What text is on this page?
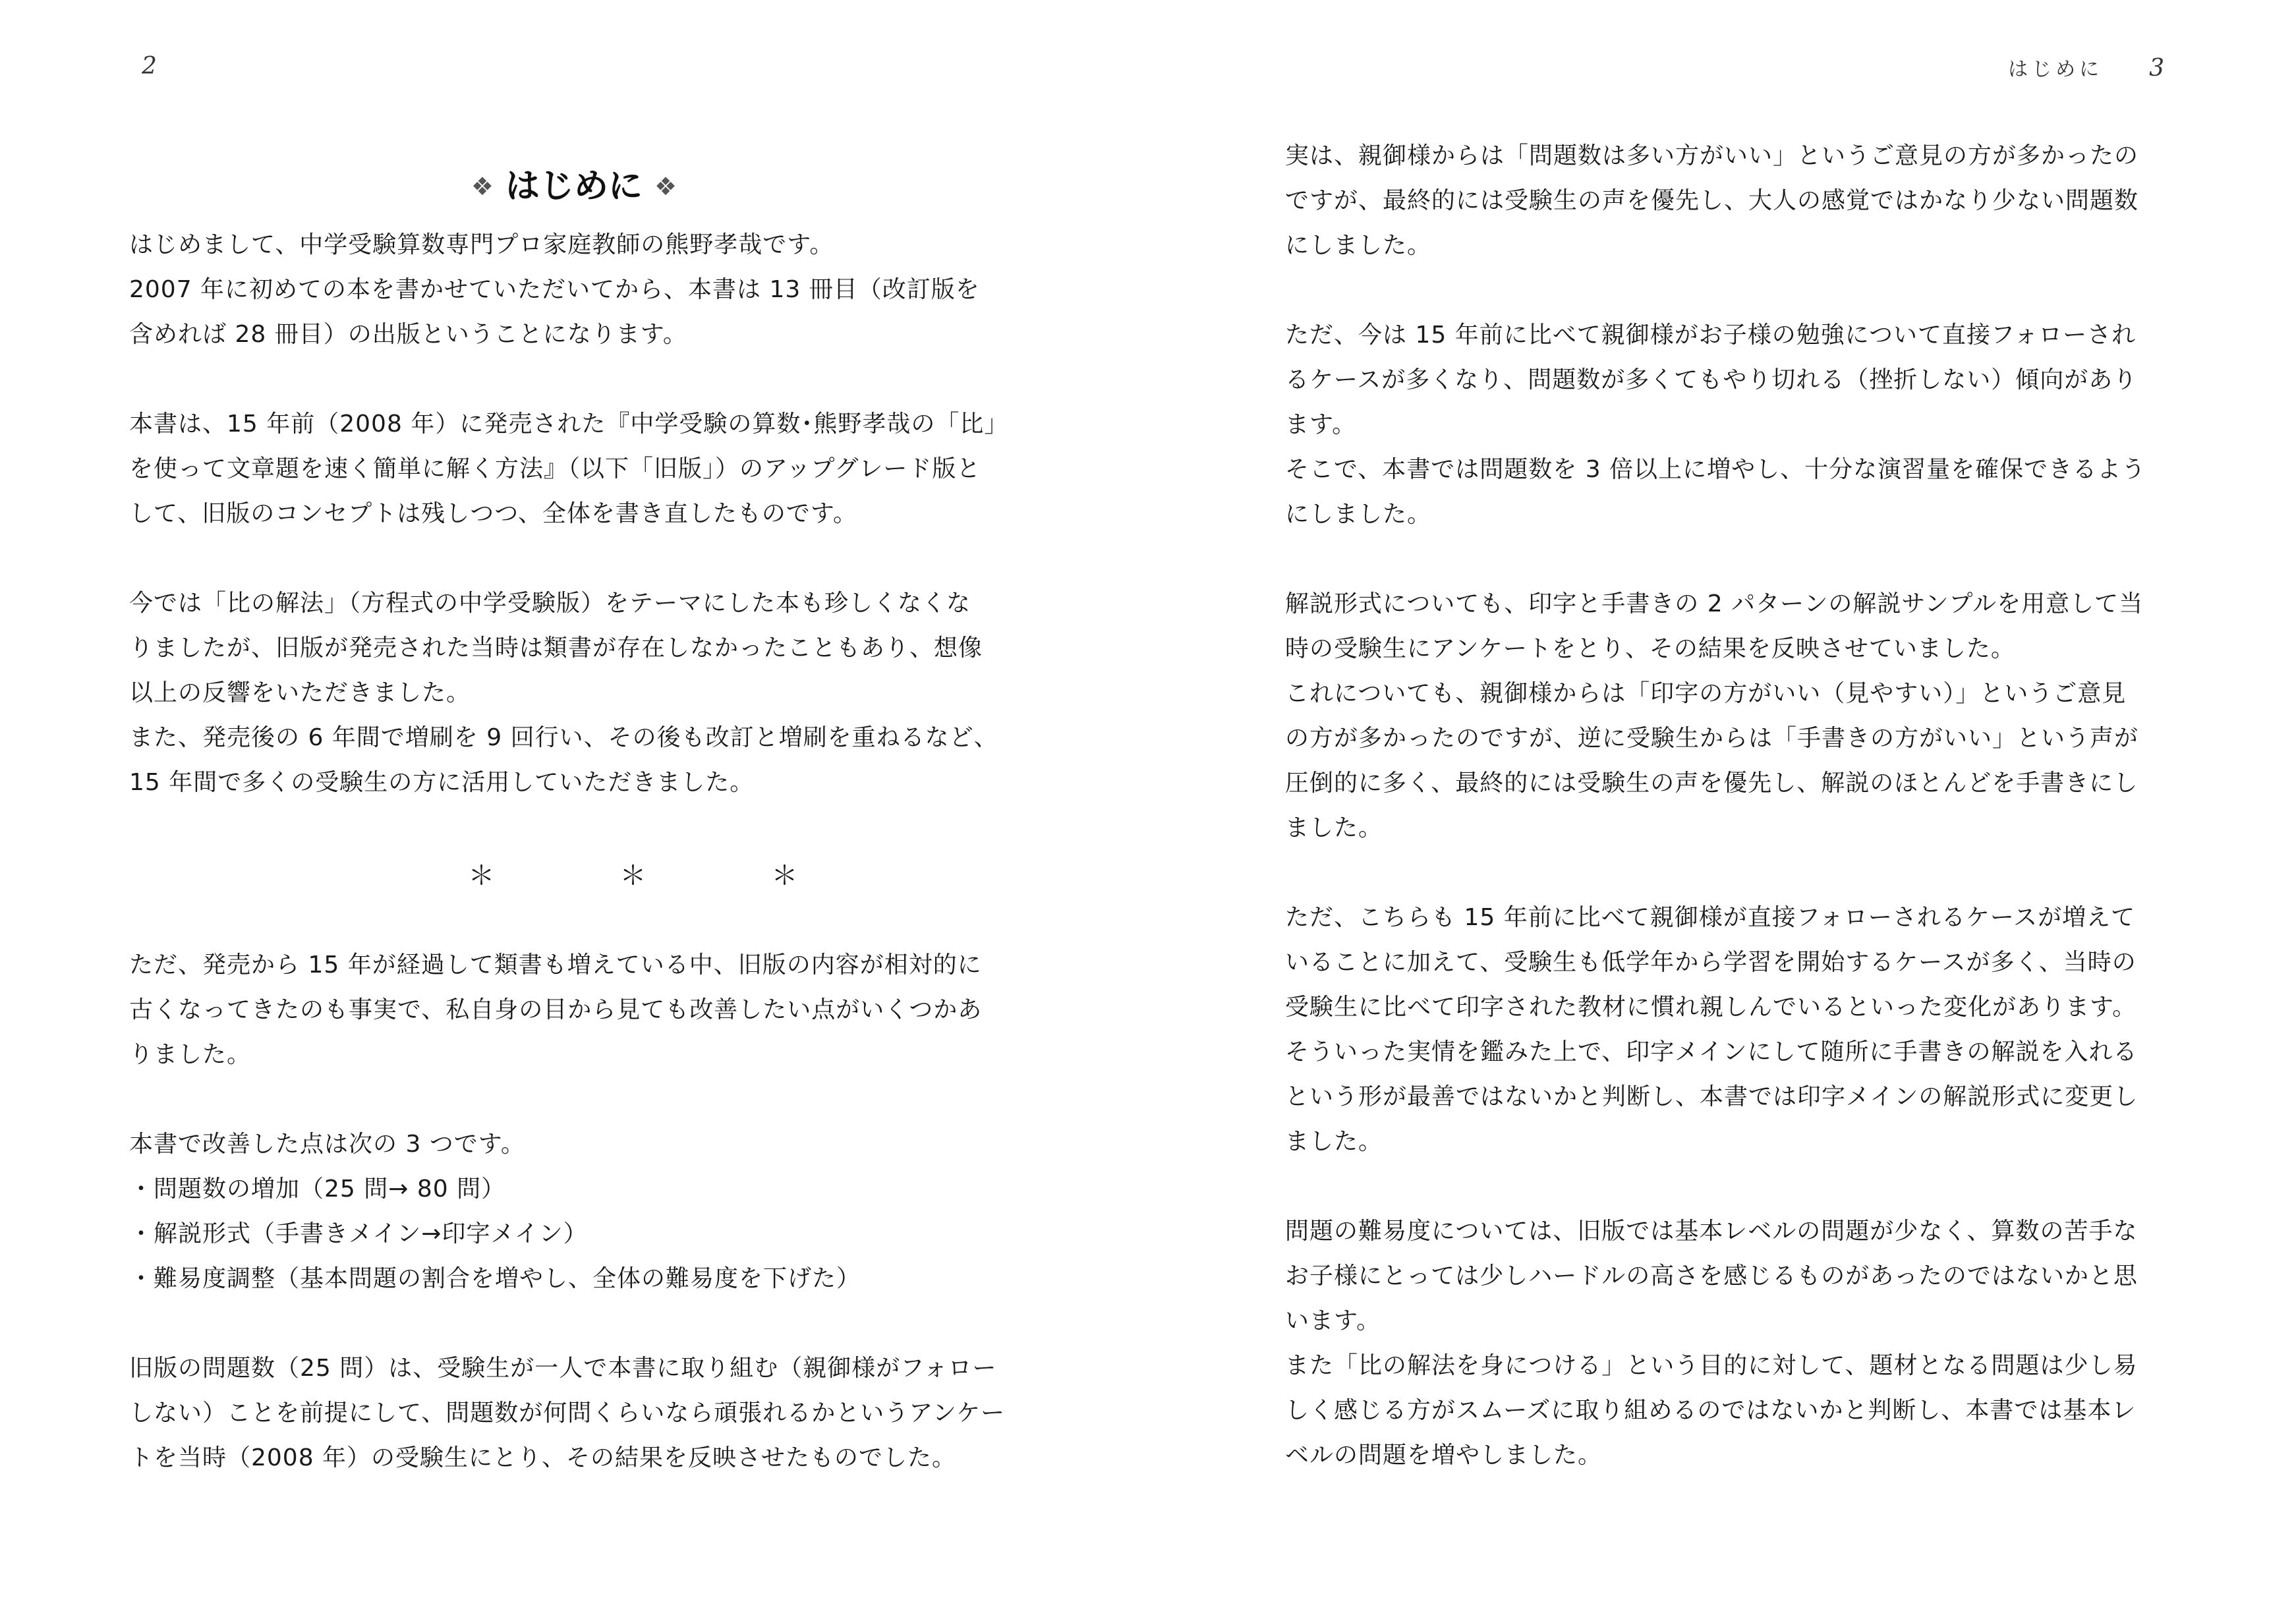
2

❖ はじめに ❖
はじめまして、中学受験算数専門プロ家庭教師の熊野孝哉です。
2007 年に初めての本を書かせていただいてから、本書は 13 冊目（改訂版を
含めれば 28 冊目）の出版ということになります。
本書は、15 年前（2008 年）に発売された『中学受験の算数･熊野孝哉の「比」
を使って文章題を速く簡単に解く方法』（以下「旧版」）のアップグレード版と
して、旧版のコンセプトは残しつつ、全体を書き直したものです。
今では「比の解法」（方程式の中学受験版）をテーマにした本も珍しくなくな
りましたが、旧版が発売された当時は類書が存在しなかったこともあり、想像
以上の反響をいただきました。
また、発売後の 6 年間で増刷を 9 回行い、その後も改訂と増刷を重ねるなど、
15 年間で多くの受験生の方に活用していただきました。
＊	＊	＊
ただ、発売から 15 年が経過して類書も増えている中、旧版の内容が相対的に
古くなってきたのも事実で、私自身の目から見ても改善したい点がいくつかあ
りました。
本書で改善した点は次の 3 つです。
・問題数の増加（25 問→ 80 問）
・解説形式（手書きメイン→印字メイン）
・難易度調整（基本問題の割合を増やし、全体の難易度を下げた）
旧版の問題数（25 問）は、受験生が一人で本書に取り組む（親御様がフォロー
しない）ことを前提にして、問題数が何問くらいなら頑張れるかというアンケー
トを当時（2008 年）の受験生にとり、その結果を反映させたものでした。
はじめに 3
実は、親御様からは「問題数は多い方がいい」というご意見の方が多かったの
ですが、最終的には受験生の声を優先し、大人の感覚ではかなり少ない問題数
にしました。
ただ、今は 15 年前に比べて親御様がお子様の勉強について直接フォローされ
るケースが多くなり、問題数が多くてもやり切れる（挫折しない）傾向があり
ます。
そこで、本書では問題数を 3 倍以上に増やし、十分な演習量を確保できるよう
にしました。
解説形式についても、印字と手書きの 2 パターンの解説サンプルを用意して当
時の受験生にアンケートをとり、その結果を反映させていました。
これについても、親御様からは「印字の方がいい（見やすい）」というご意見
の方が多かったのですが、逆に受験生からは「手書きの方がいい」という声が
圧倒的に多く、最終的には受験生の声を優先し、解説のほとんどを手書きにし
ました。
ただ、こちらも 15 年前に比べて親御様が直接フォローされるケースが増えて
いることに加えて、受験生も低学年から学習を開始するケースが多く、当時の
受験生に比べて印字された教材に慣れ親しんでいるといった変化があります。
そういった実情を鑑みた上で、印字メインにして随所に手書きの解説を入れる
という形が最善ではないかと判断し、本書では印字メインの解説形式に変更し
ました。
問題の難易度については、旧版では基本レベルの問題が少なく、算数の苦手な
お子様にとっては少しハードルの高さを感じるものがあったのではないかと思
います。
また「比の解法を身につける」という目的に対して、題材となる問題は少し易
しく感じる方がスムーズに取り組めるのではないかと判断し、本書では基本レ
ベルの問題を増やしました。
